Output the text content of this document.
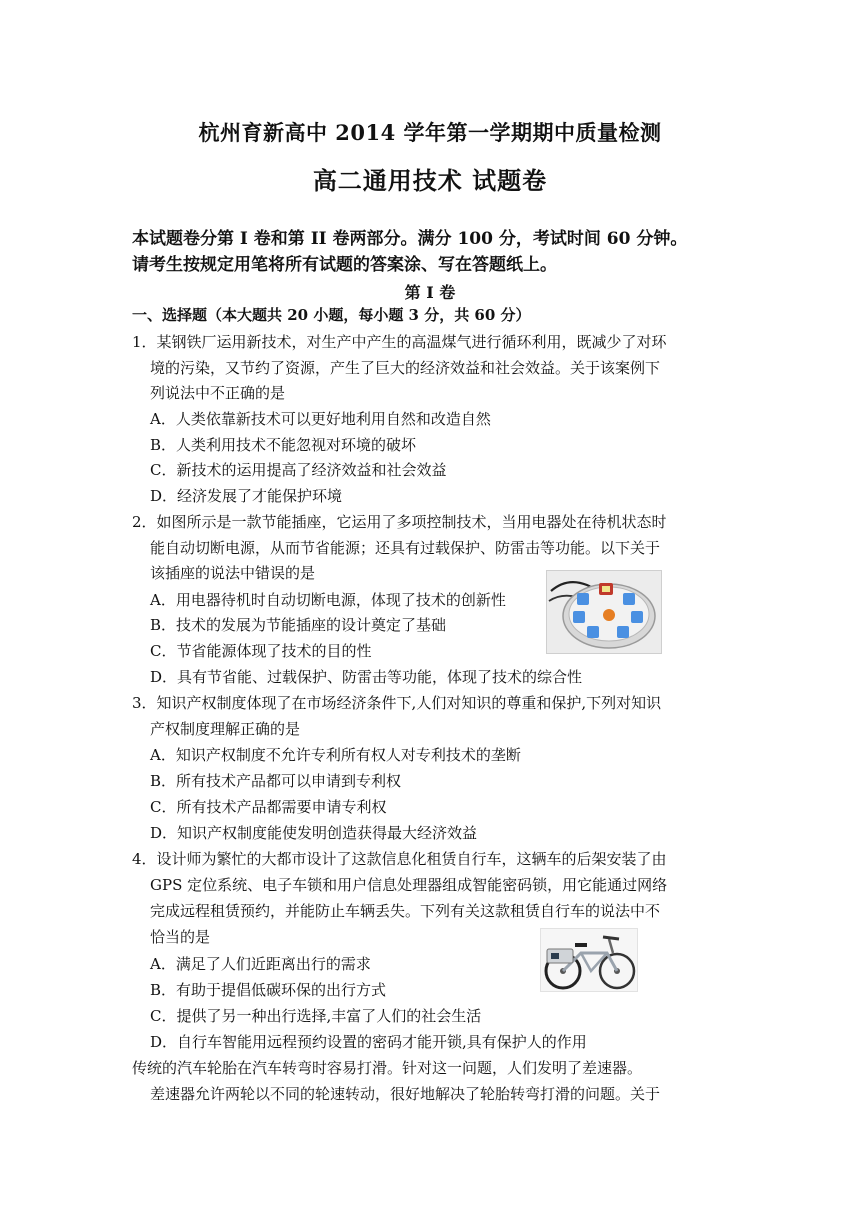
杭州育新高中 2014 学年第一学期期中质量检测
高二通用技术 试题卷
本试题卷分第 I 卷和第 II 卷两部分。满分 100 分，考试时间 60 分钟。
请考生按规定用笔将所有试题的答案涂、写在答题纸上。
第 I 卷
一、选择题（本大题共 20 小题，每小题 3 分，共 60 分）
1．某钢铁厂运用新技术，对生产中产生的高温煤气进行循环利用，既减少了对环
境的污染，又节约了资源，产生了巨大的经济效益和社会效益。关于该案例下
列说法中不正确的是
A．人类依靠新技术可以更好地利用自然和改造自然
B．人类利用技术不能忽视对环境的破坏
C．新技术的运用提高了经济效益和社会效益
D．经济发展了才能保护环境
2．如图所示是一款节能插座，它运用了多项控制技术，当用电器处在待机状态时
能自动切断电源，从而节省能源；还具有过载保护、防雷击等功能。以下关于
该插座的说法中错误的是
A．用电器待机时自动切断电源，体现了技术的创新性
B．技术的发展为节能插座的设计奠定了基础
C．节省能源体现了技术的目的性
D．具有节省能、过载保护、防雷击等功能，体现了技术的综合性
3．知识产权制度体现了在市场经济条件下,人们对知识的尊重和保护,下列对知识
产权制度理解正确的是
A．知识产权制度不允许专利所有权人对专利技术的垄断
B．所有技术产品都可以申请到专利权
C．所有技术产品都需要申请专利权
D．知识产权制度能使发明创造获得最大经济效益
4．设计师为繁忙的大都市设计了这款信息化租赁自行车，这辆车的后架安装了由
GPS 定位系统、电子车锁和用户信息处理器组成智能密码锁，用它能通过网络
完成远程租赁预约，并能防止车辆丢失。下列有关这款租赁自行车的说法中不
恰当的是
A．满足了人们近距离出行的需求
B．有助于提倡低碳环保的出行方式
C．提供了另一种出行选择,丰富了人们的社会生活
D．自行车智能用远程预约设置的密码才能开锁,具有保护人的作用
传统的汽车轮胎在汽车转弯时容易打滑。针对这一问题，人们发明了差速器。
差速器允许两轮以不同的轮速转动，很好地解决了轮胎转弯打滑的问题。关于
